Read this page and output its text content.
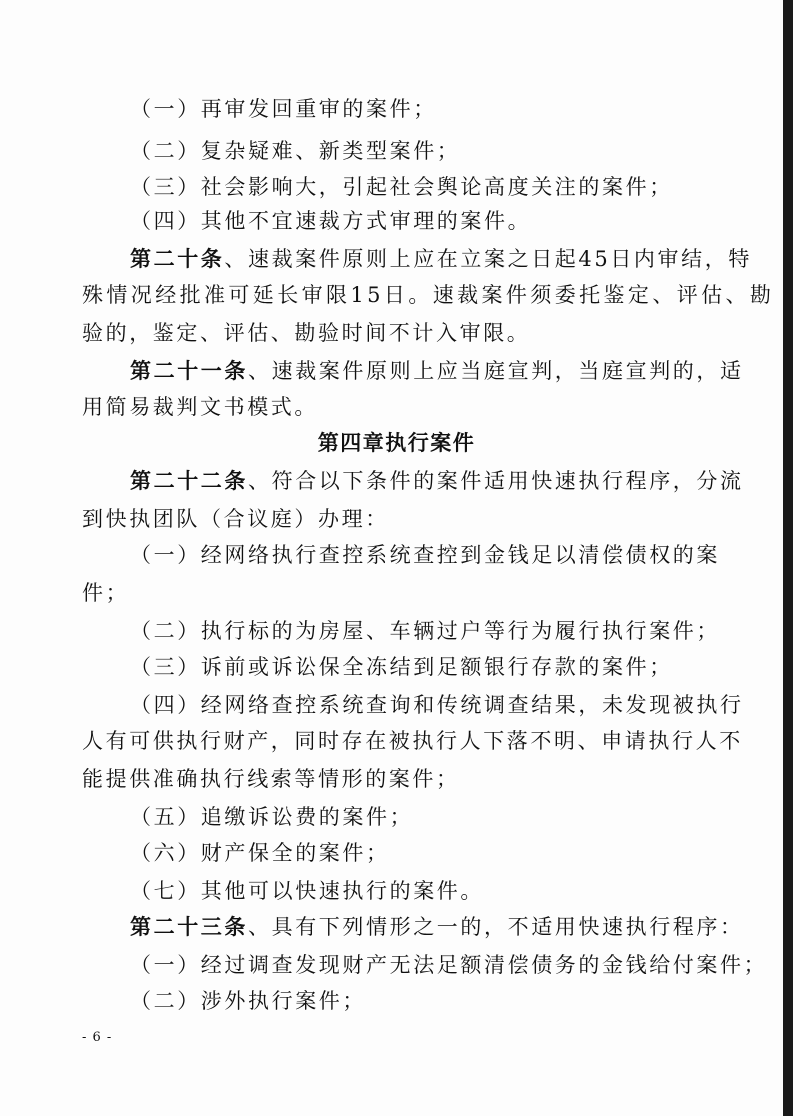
（一）再审发回重审的案件；

（二）复杂疑难、新类型案件；

（三）社会影响大，引起社会舆论高度关注的案件；

（四）其他不宜速裁方式审理的案件。

第二十条、速裁案件原则上应在立案之日起45日内审结，特

殊情况经批准可延长审限15日。速裁案件须委托鉴定、评估、勘

验的，鉴定、评估、勘验时间不计入审限。

第二十一条、速裁案件原则上应当庭宣判，当庭宣判的，适

用简易裁判文书模式。

第四章执行案件

第二十二条、符合以下条件的案件适用快速执行程序，分流

到快执团队（合议庭）办理：

（一）经网络执行查控系统查控到金钱足以清偿债权的案

件；

（二）执行标的为房屋、车辆过户等行为履行执行案件；

（三）诉前或诉讼保全冻结到足额银行存款的案件；

（四）经网络查控系统查询和传统调查结果，未发现被执行

人有可供执行财产，同时存在被执行人下落不明、申请执行人不

能提供准确执行线索等情形的案件；

（五）追缴诉讼费的案件；

（六）财产保全的案件；

（七）其他可以快速执行的案件。

第二十三条、具有下列情形之一的，不适用快速执行程序：

（一）经过调查发现财产无法足额清偿债务的金钱给付案件；

（二）涉外执行案件；

- 6 -
